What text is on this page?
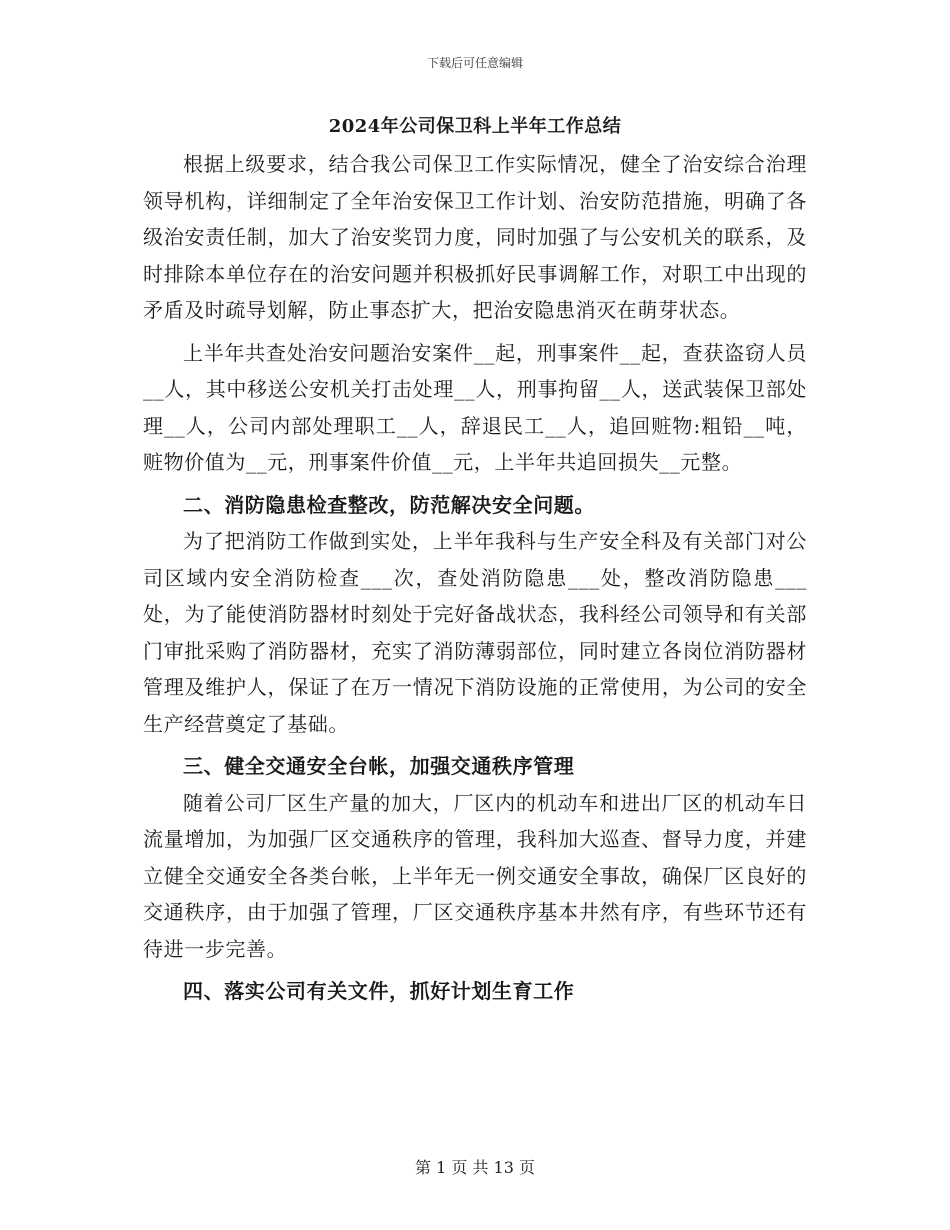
下载后可任意编辑

2024年公司保卫科上半年工作总结

根据上级要求，结合我公司保卫工作实际情况，健全了治安综合治理领导机构，详细制定了全年治安保卫工作计划、治安防范措施，明确了各级治安责任制，加大了治安奖罚力度，同时加强了与公安机关的联系，及时排除本单位存在的治安问题并积极抓好民事调解工作，对职工中出现的矛盾及时疏导划解，防止事态扩大，把治安隐患消灭在萌芽状态。

上半年共查处治安问题治安案件__起，刑事案件__起，查获盗窃人员__人，其中移送公安机关打击处理__人，刑事拘留__人，送武装保卫部处理__人，公司内部处理职工__人，辞退民工__人，追回赃物:粗铅__吨，赃物价值为__元，刑事案件价值__元，上半年共追回损失__元整。

二、消防隐患检查整改，防范解决安全问题。

为了把消防工作做到实处，上半年我科与生产安全科及有关部门对公司区域内安全消防检查___次，查处消防隐患___处，整改消防隐患___处，为了能使消防器材时刻处于完好备战状态，我科经公司领导和有关部门审批采购了消防器材，充实了消防薄弱部位，同时建立各岗位消防器材管理及维护人，保证了在万一情况下消防设施的正常使用，为公司的安全生产经营奠定了基础。

三、健全交通安全台帐，加强交通秩序管理

随着公司厂区生产量的加大，厂区内的机动车和进出厂区的机动车日流量增加，为加强厂区交通秩序的管理，我科加大巡查、督导力度，并建立健全交通安全各类台帐，上半年无一例交通安全事故，确保厂区良好的交通秩序，由于加强了管理，厂区交通秩序基本井然有序，有些环节还有待进一步完善。

四、落实公司有关文件，抓好计划生育工作

第 1 页 共 13 页
